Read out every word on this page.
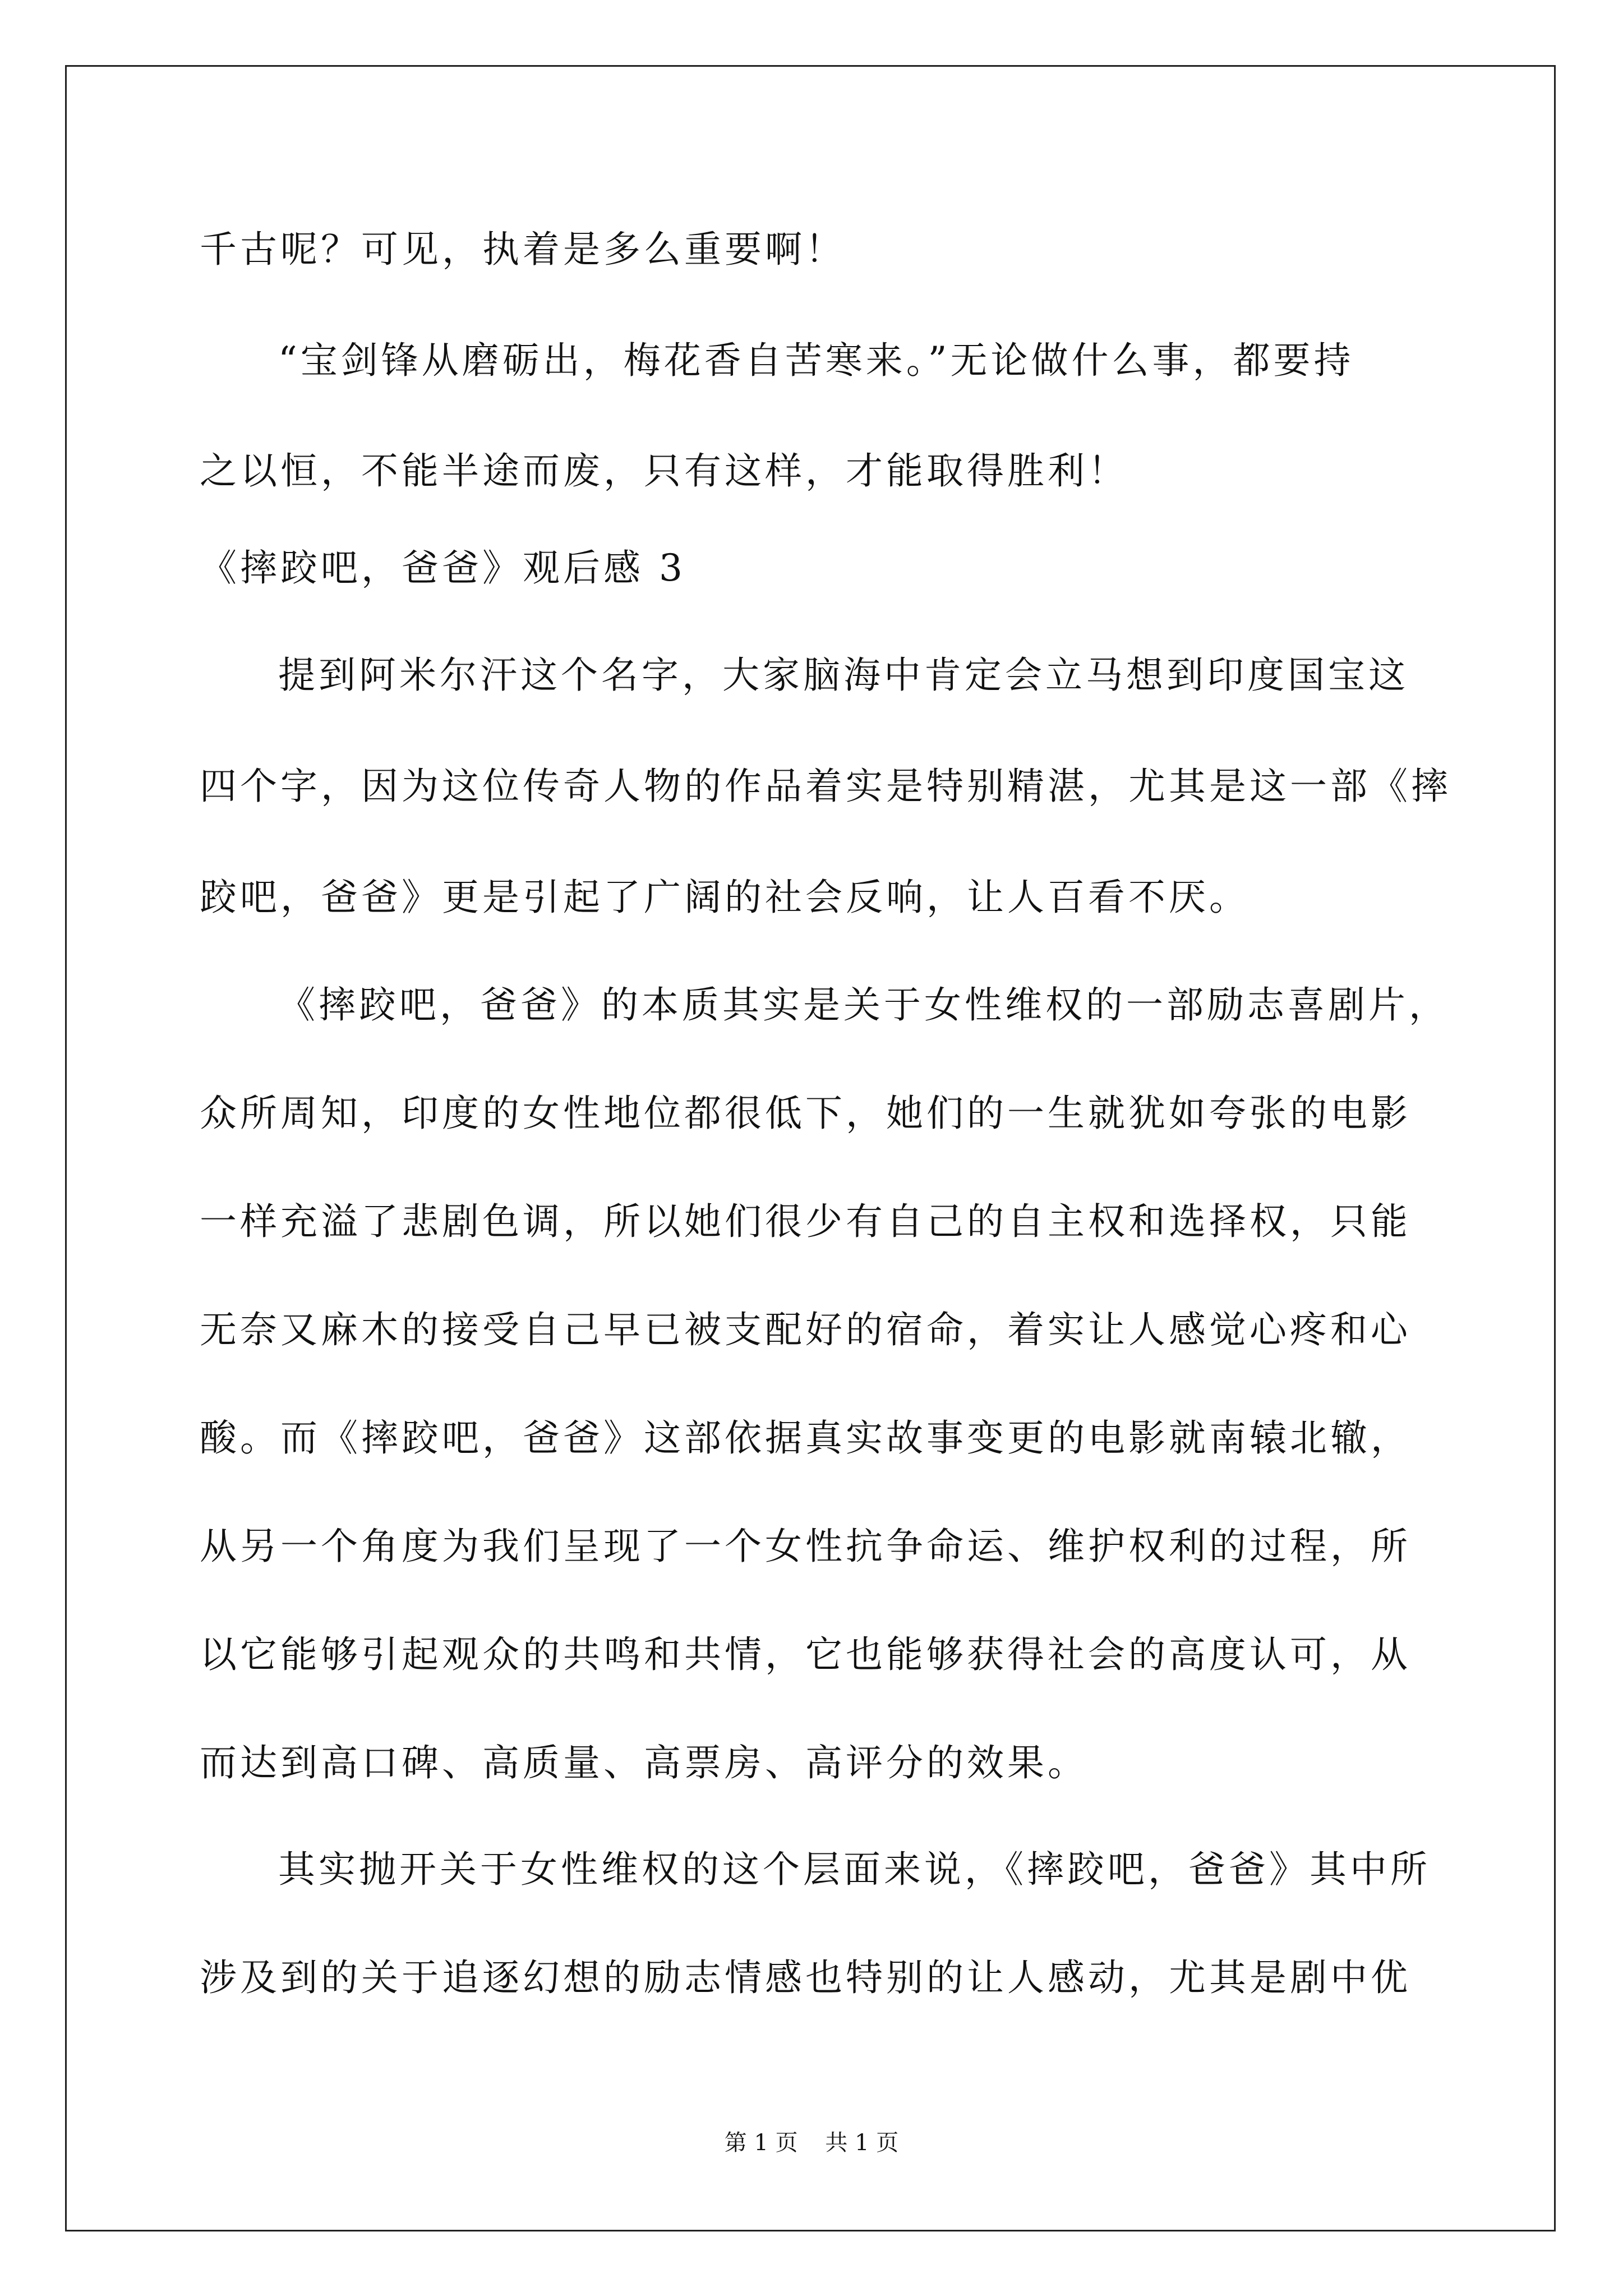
千古呢？可见，执着是多么重要啊！
“宝剑锋从磨砺出，梅花香自苦寒来。”无论做什么事，都要持
之以恒，不能半途而废，只有这样，才能取得胜利！
《摔跤吧，爸爸》观后感 3
提到阿米尔汗这个名字，大家脑海中肯定会立马想到印度国宝这
四个字，因为这位传奇人物的作品着实是特别精湛，尤其是这一部《摔
跤吧，爸爸》更是引起了广阔的社会反响，让人百看不厌。
《摔跤吧，爸爸》的本质其实是关于女性维权的一部励志喜剧片，
众所周知，印度的女性地位都很低下，她们的一生就犹如夸张的电影
一样充溢了悲剧色调，所以她们很少有自己的自主权和选择权，只能
无奈又麻木的接受自己早已被支配好的宿命，着实让人感觉心疼和心
酸。而《摔跤吧，爸爸》这部依据真实故事变更的电影就南辕北辙，
从另一个角度为我们呈现了一个女性抗争命运、维护权利的过程，所
以它能够引起观众的共鸣和共情，它也能够获得社会的高度认可，从
而达到高口碑、高质量、高票房、高评分的效果。
其实抛开关于女性维权的这个层面来说，《摔跤吧，爸爸》其中所
涉及到的关于追逐幻想的励志情感也特别的让人感动，尤其是剧中优
第 1 页 共 1 页
